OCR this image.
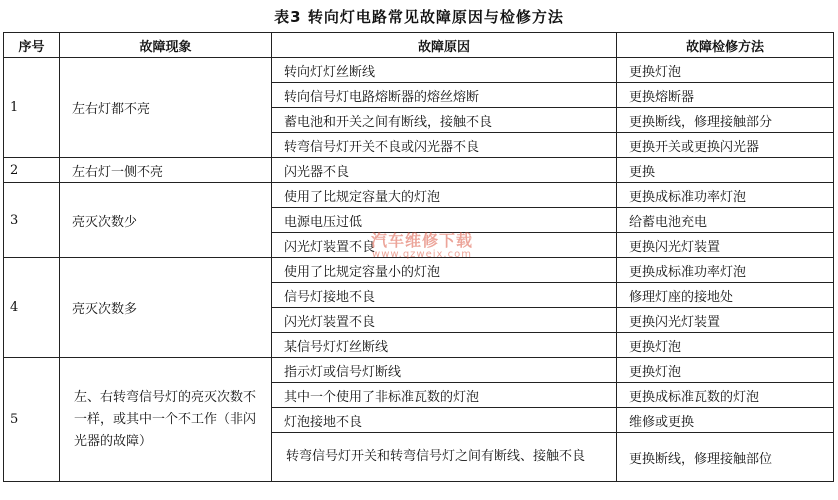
表3 转向灯电路常见故障原因与检修方法
序号	故障现象	故障原因	故障检修方法
1	左右灯都不亮	转向灯灯丝断线	更换灯泡
		转向信号灯电路熔断器的熔丝熔断	更换熔断器
		蓄电池和开关之间有断线，接触不良	更换断线，修理接触部分
		转弯信号灯开关不良或闪光器不良	更换开关或更换闪光器
2	左右灯一侧不亮	闪光器不良	更换
3	亮灭次数少	使用了比规定容量大的灯泡	更换成标准功率灯泡
		电源电压过低	给蓄电池充电
		闪光灯装置不良	更换闪光灯装置
4	亮灭次数多	使用了比规定容量小的灯泡	更换成标准功率灯泡
		信号灯接地不良	修理灯座的接地处
		闪光灯装置不良	更换闪光灯装置
		某信号灯灯丝断线	更换灯泡
5	左、右转弯信号灯的亮灭次数不一样，或其中一个不工作（非闪光器的故障）	指示灯或信号灯断线	更换灯泡
		其中一个使用了非标准瓦数的灯泡	更换成标准瓦数的灯泡
		灯泡接地不良	维修或更换
		转弯信号灯开关和转弯信号灯之间有断线、接触不良	更换断线，修理接触部位
汽车维修下载
www.qzweix.com
